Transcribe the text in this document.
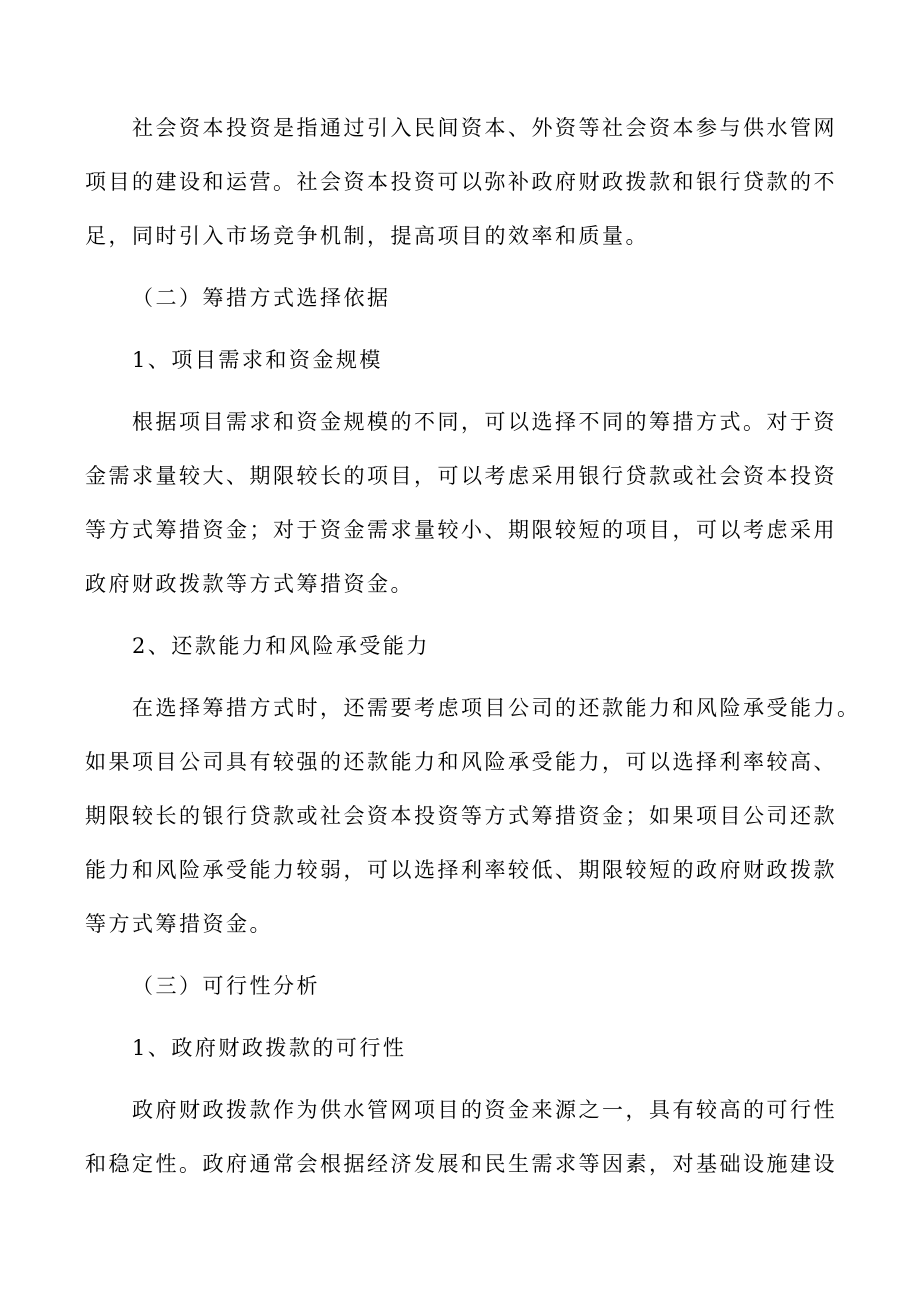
社会资本投资是指通过引入民间资本、外资等社会资本参与供水管网
项目的建设和运营。社会资本投资可以弥补政府财政拨款和银行贷款的不
足，同时引入市场竞争机制，提高项目的效率和质量。
（二）筹措方式选择依据
1、项目需求和资金规模
根据项目需求和资金规模的不同，可以选择不同的筹措方式。对于资
金需求量较大、期限较长的项目，可以考虑采用银行贷款或社会资本投资
等方式筹措资金；对于资金需求量较小、期限较短的项目，可以考虑采用
政府财政拨款等方式筹措资金。
2、还款能力和风险承受能力
在选择筹措方式时，还需要考虑项目公司的还款能力和风险承受能力。
如果项目公司具有较强的还款能力和风险承受能力，可以选择利率较高、
期限较长的银行贷款或社会资本投资等方式筹措资金；如果项目公司还款
能力和风险承受能力较弱，可以选择利率较低、期限较短的政府财政拨款
等方式筹措资金。
（三）可行性分析
1、政府财政拨款的可行性
政府财政拨款作为供水管网项目的资金来源之一，具有较高的可行性
和稳定性。政府通常会根据经济发展和民生需求等因素，对基础设施建设
